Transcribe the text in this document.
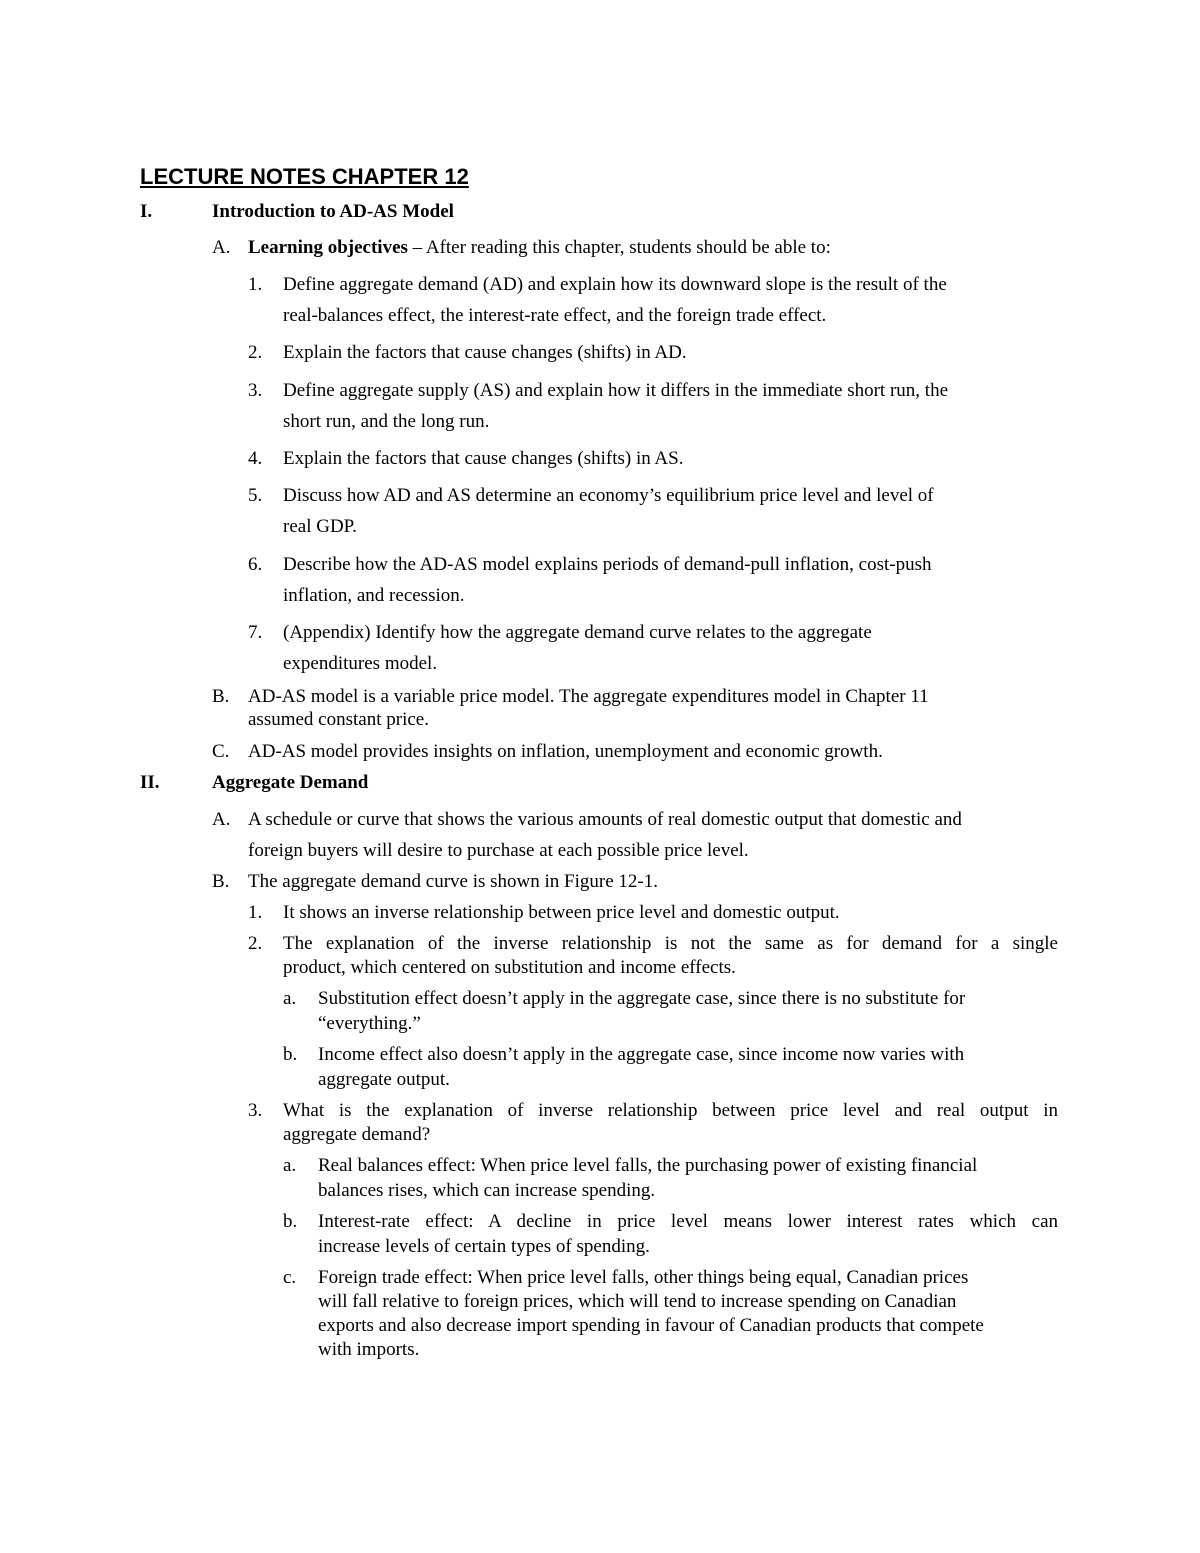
LECTURE NOTES CHAPTER 12

I.	Introduction to AD-AS Model

A. Learning objectives – After reading this chapter, students should be able to:

1. Define aggregate demand (AD) and explain how its downward slope is the result of the

real-balances effect, the interest-rate effect, and the foreign trade effect.

2. Explain the factors that cause changes (shifts) in AD.

3. Define aggregate supply (AS) and explain how it differs in the immediate short run, the

short run, and the long run.

4. Explain the factors that cause changes (shifts) in AS.

5. Discuss how AD and AS determine an economy’s equilibrium price level and level of

real GDP.

6. Describe how the AD-AS model explains periods of demand-pull inflation, cost-push

inflation, and recession.

7. (Appendix) Identify how the aggregate demand curve relates to the aggregate

expenditures model.

B. AD-AS model is a variable price model. The aggregate expenditures model in Chapter 11

assumed constant price.

C. AD-AS model provides insights on inflation, unemployment and economic growth.

II.	Aggregate Demand

A. A schedule or curve that shows the various amounts of real domestic output that domestic and

foreign buyers will desire to purchase at each possible price level.

B. The aggregate demand curve is shown in Figure 12-1.

1. It shows an inverse relationship between price level and domestic output.

2. The explanation of the inverse relationship is not the same as for demand for a single

product, which centered on substitution and income effects.

a. Substitution effect doesn’t apply in the aggregate case, since there is no substitute for

“everything.”

b. Income effect also doesn’t apply in the aggregate case, since income now varies with

aggregate output.

3. What is the explanation of inverse relationship between price level and real output in

aggregate demand?

a. Real balances effect: When price level falls, the purchasing power of existing financial

balances rises, which can increase spending.

b. Interest-rate effect: A decline in price level means lower interest rates which can

increase levels of certain types of spending.

c. Foreign trade effect: When price level falls, other things being equal, Canadian prices

will fall relative to foreign prices, which will tend to increase spending on Canadian

exports and also decrease import spending in favour of Canadian products that compete

with imports.
